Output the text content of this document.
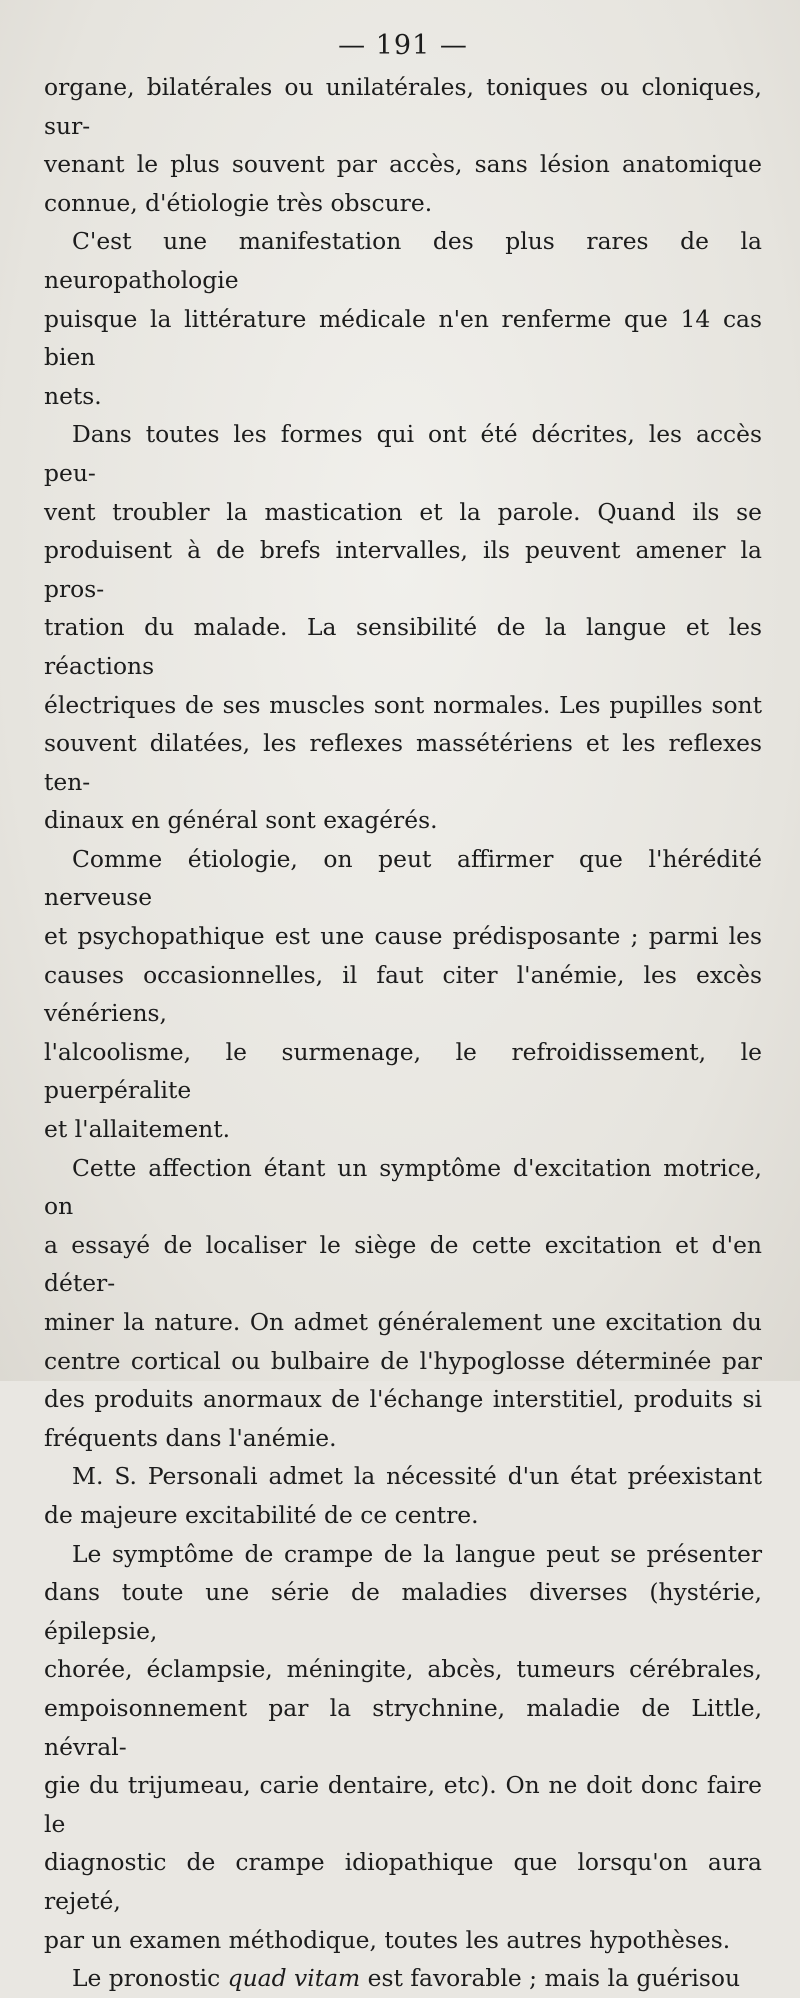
— 191 —

organe, bilatérales ou unilatérales, toniques ou cloniques, sur-
venant le plus souvent par accès, sans lésion anatomique
connue, d'étiologie très obscure.

C'est une manifestation des plus rares de la neuropathologie
puisque la littérature médicale n'en renferme que 14 cas bien
nets.

Dans toutes les formes qui ont été décrites, les accès peu-
vent troubler la mastication et la parole. Quand ils se
produisent à de brefs intervalles, ils peuvent amener la pros-
tration du malade. La sensibilité de la langue et les réactions
électriques de ses muscles sont normales. Les pupilles sont
souvent dilatées, les reflexes massétériens et les reflexes ten-
dinaux en général sont exagérés.

Comme étiologie, on peut affirmer que l'hérédité nerveuse
et psychopathique est une cause prédisposante ; parmi les
causes occasionnelles, il faut citer l'anémie, les excès vénériens,
l'alcoolisme, le surmenage, le refroidissement, le puerpéralite
et l'allaitement.

Cette affection étant un symptôme d'excitation motrice, on
a essayé de localiser le siège de cette excitation et d'en déter-
miner la nature. On admet généralement une excitation du
centre cortical ou bulbaire de l'hypoglosse déterminée par
des produits anormaux de l'échange interstitiel, produits si
fréquents dans l'anémie.

M. S. Personali admet la nécessité d'un état préexistant
de majeure excitabilité de ce centre.

Le symptôme de crampe de la langue peut se présenter
dans toute une série de maladies diverses (hystérie, épilepsie,
chorée, éclampsie, méningite, abcès, tumeurs cérébrales,
empoisonnement par la strychnine, maladie de Little, névral-
gie du trijumeau, carie dentaire, etc). On ne doit donc faire le
diagnostic de crampe idiopathique que lorsqu'on aura rejeté,
par un examen méthodique, toutes les autres hypothèses.

Le pronostic quad vitam est favorable ; mais la guérisou
